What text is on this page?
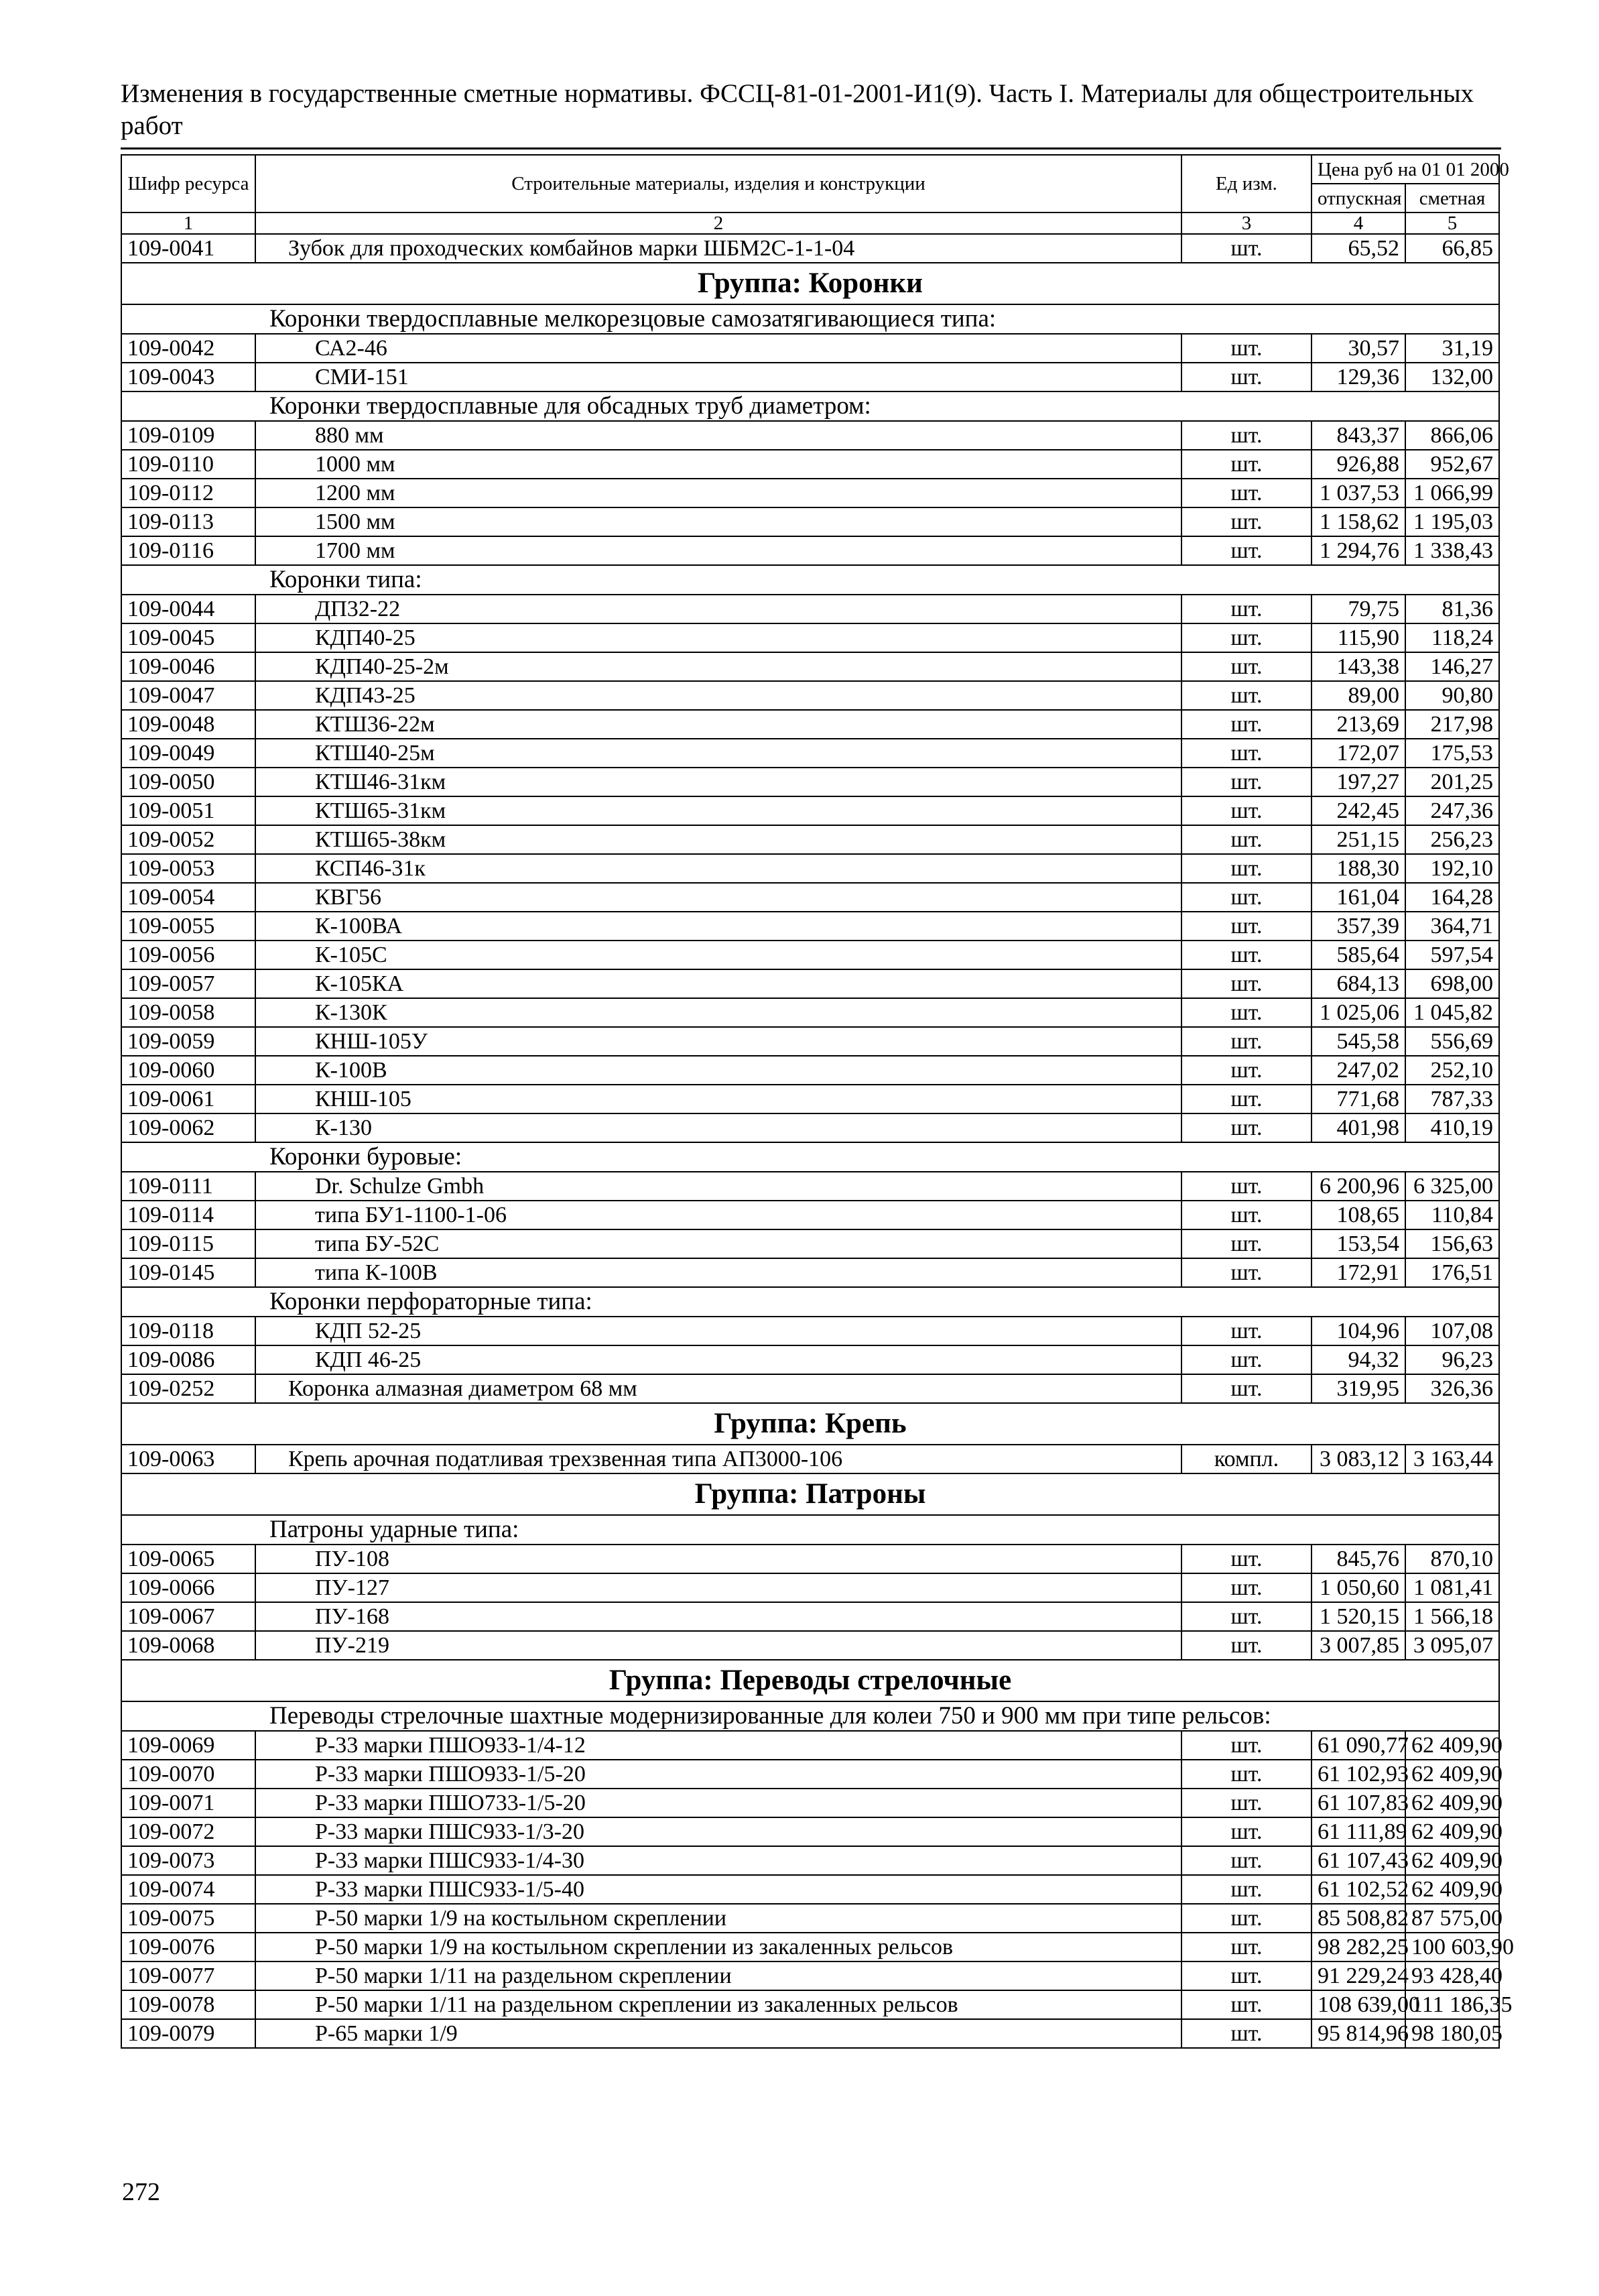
Изменения в государственные сметные нормативы. ФССЦ-81-01-2001-И1(9). Часть I. Материалы для общестроительных работ
Шифр ресурса	Строительные материалы, изделия и конструкции	Ед изм.	Цена руб на 01 01 2000	
			отпускная	сметная
1	2	3	4	5
109-0041	Зубок для проходческих комбайнов марки ШБМ2С-1-1-04	шт.	65,52	66,85
Группа: Коронки				
Коронки твердосплавные мелкорезцовые самозатягивающиеся типа:				
109-0042	СА2-46	шт.	30,57	31,19
109-0043	СМИ-151	шт.	129,36	132,00
Коронки твердосплавные для обсадных труб диаметром:				
109-0109	880 мм	шт.	843,37	866,06
109-0110	1000 мм	шт.	926,88	952,67
109-0112	1200 мм	шт.	1 037,53	1 066,99
109-0113	1500 мм	шт.	1 158,62	1 195,03
109-0116	1700 мм	шт.	1 294,76	1 338,43
Коронки типа:				
109-0044	ДП32-22	шт.	79,75	81,36
109-0045	КДП40-25	шт.	115,90	118,24
109-0046	КДП40-25-2м	шт.	143,38	146,27
109-0047	КДП43-25	шт.	89,00	90,80
109-0048	КТШ36-22м	шт.	213,69	217,98
109-0049	КТШ40-25м	шт.	172,07	175,53
109-0050	КТШ46-31км	шт.	197,27	201,25
109-0051	КТШ65-31км	шт.	242,45	247,36
109-0052	КТШ65-38км	шт.	251,15	256,23
109-0053	КСП46-31к	шт.	188,30	192,10
109-0054	КВГ56	шт.	161,04	164,28
109-0055	К-100ВА	шт.	357,39	364,71
109-0056	К-105С	шт.	585,64	597,54
109-0057	К-105КА	шт.	684,13	698,00
109-0058	К-130К	шт.	1 025,06	1 045,82
109-0059	КНШ-105У	шт.	545,58	556,69
109-0060	К-100В	шт.	247,02	252,10
109-0061	КНШ-105	шт.	771,68	787,33
109-0062	К-130	шт.	401,98	410,19
Коронки буровые:				
109-0111	Dr. Schulze Gmbh	шт.	6 200,96	6 325,00
109-0114	типа БУ1-1100-1-06	шт.	108,65	110,84
109-0115	типа БУ-52С	шт.	153,54	156,63
109-0145	типа К-100В	шт.	172,91	176,51
Коронки перфораторные типа:				
109-0118	КДП 52-25	шт.	104,96	107,08
109-0086	КДП 46-25	шт.	94,32	96,23
109-0252	Коронка алмазная диаметром 68 мм	шт.	319,95	326,36
Группа: Крепь				
109-0063	Крепь арочная податливая трехзвенная типа АП3000-106	компл.	3 083,12	3 163,44
Группа: Патроны				
Патроны ударные типа:				
109-0065	ПУ-108	шт.	845,76	870,10
109-0066	ПУ-127	шт.	1 050,60	1 081,41
109-0067	ПУ-168	шт.	1 520,15	1 566,18
109-0068	ПУ-219	шт.	3 007,85	3 095,07
Группа: Переводы стрелочные				
Переводы стрелочные шахтные модернизированные для колеи 750 и 900 мм при типе рельсов:				
109-0069	Р-33 марки ПШО933-1/4-12	шт.	61 090,77	62 409,90
109-0070	Р-33 марки ПШО933-1/5-20	шт.	61 102,93	62 409,90
109-0071	Р-33 марки ПШО733-1/5-20	шт.	61 107,83	62 409,90
109-0072	Р-33 марки ПШС933-1/3-20	шт.	61 111,89	62 409,90
109-0073	Р-33 марки ПШС933-1/4-30	шт.	61 107,43	62 409,90
109-0074	Р-33 марки ПШС933-1/5-40	шт.	61 102,52	62 409,90
109-0075	Р-50 марки 1/9 на костыльном скреплении	шт.	85 508,82	87 575,00
109-0076	Р-50 марки 1/9 на костыльном скреплении из закаленных рельсов	шт.	98 282,25	100 603,90
109-0077	Р-50 марки 1/11 на раздельном скреплении	шт.	91 229,24	93 428,40
109-0078	Р-50 марки 1/11 на раздельном скреплении из закаленных рельсов	шт.	108 639,00	111 186,35
109-0079	Р-65 марки 1/9	шт.	95 814,96	98 180,05
272
